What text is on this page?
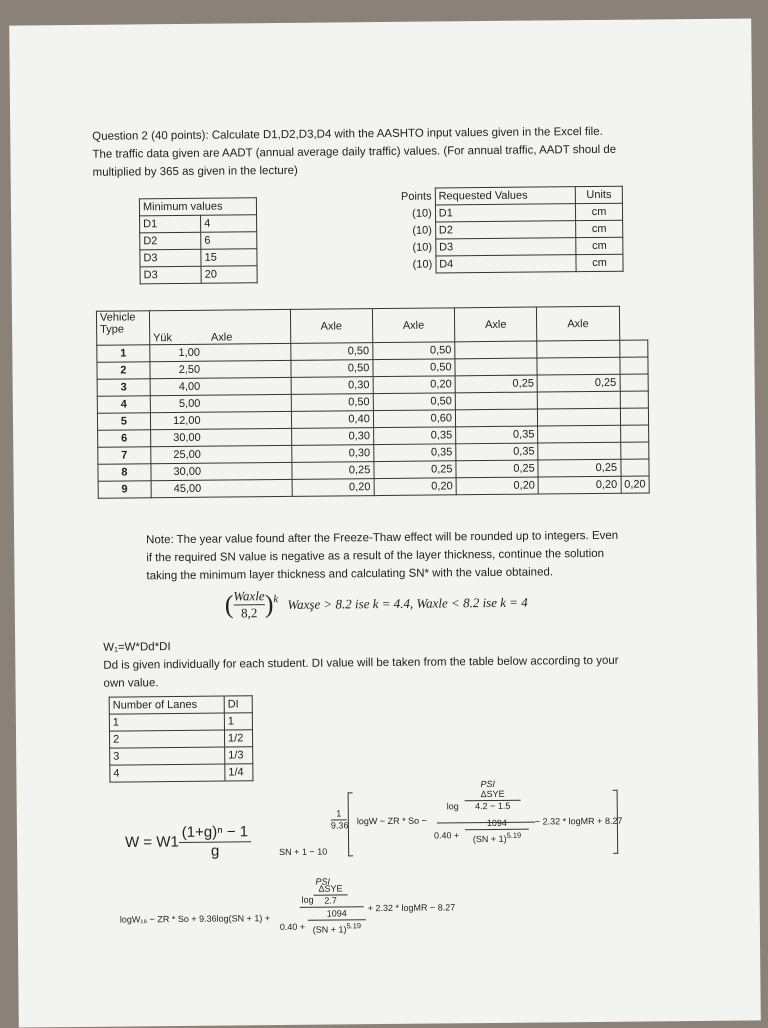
Question 2 (40 points): Calculate D1,D2,D3,D4 with the AASHTO input values given in the Excel file.
The traffic data given are AADT (annual average daily traffic) values. (For annual traffic, AADT shoul de
multiplied by 365 as given in the lecture)
Minimum values	
D1	4
D2	6
D3	15
D3	20
Points	Requested Values	Units
(10)	D1	cm
(10)	D2	cm
(10)	D3	cm
(10)	D4	cm
Vehicle Type	Yük	Axle	Axle	Axle	Axle	Axle	
1	1,00		0,50	0,50			
2	2,50		0,50	0,50			
3	4,00		0,30	0,20	0,25	0,25	
4	5,00		0,50	0,50			
5	12,00		0,40	0,60			
6	30,00		0,30	0,35	0,35		
7	25,00		0,30	0,35	0,35		
8	30,00		0,25	0,25	0,25	0,25	
9	45,00		0,20	0,20	0,20	0,20	0,20
Note: The year value found after the Freeze-Thaw effect will be rounded up to integers. Even
if the required SN value is negative as a result of the layer thickness, continue the solution
taking the minimum layer thickness and calculating SN* with the value obtained.
( Waxle
8,2 )$^k$ Waxşe > 8.2 ise k = 4.4, Waxle < 8.2 ise k = 4
W₁=W*Dd*DI
Dd is given individually for each student. DI value will be taken from the table below according to your
own value.
Number of Lanes	DI
1	1
2	1/2
3	1/3
4	1/4
$W = W1 \frac{\text{(1+g)ⁿ − 1}}{g}$	SN + 1 − 10
1
9.36 logW − ZR * So −
PSI
log
ΔSYE
4.2 − 1.5
0.40 +
1094
(SN + 1)$^{5.19}$
− 2.32 * logMR + 8.27
logW₁₈ − ZR * So + 9.36log(SN + 1) +
PSI
log
ΔSYE
2.7
0.40 +
1094
(SN + 1)$^{5.19}$
+ 2.32 * logMR − 8.27
